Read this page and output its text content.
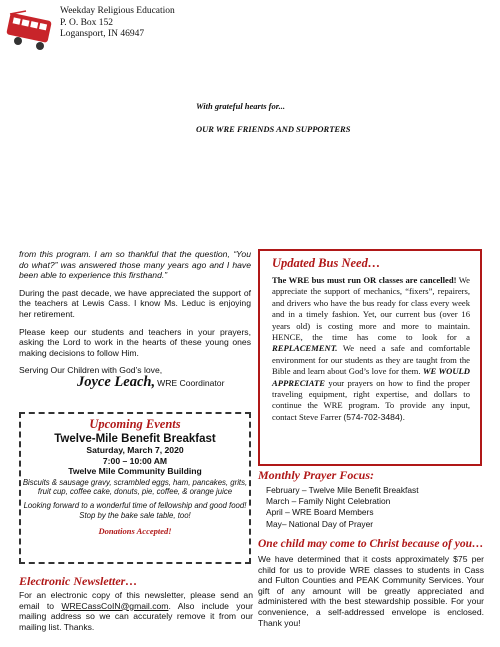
Weekday Religious Education
P. O. Box 152
Logansport, IN 46947
With grateful hearts for...
OUR WRE FRIENDS AND SUPPORTERS

from this program. I am so thankful that the question, “You do what?” was answered those many years ago and I have been able to experience this firsthand.”

During the past decade, we have appreciated the support of the teachers at Lewis Cass. I know Ms. Leduc is enjoying her retirement.

Please keep our students and teachers in your prayers, asking the Lord to work in the hearts of these young ones making decisions to follow Him.

Serving Our Children with God’s love,

Joyce Leach, WRE Coordinator
Upcoming Events
Twelve-Mile Benefit Breakfast
Saturday, March 7, 2020
7:00 – 10:00 AM
Twelve Mile Community Building
Biscuits & sausage gravy, scrambled eggs, ham, pancakes, grits, fruit cup, coffee cake, donuts, pie, coffee, & orange juice
Looking forward to a wonderful time of fellowship and good food! Stop by the bake sale table, too!
Donations Accepted!
Electronic Newsletter…
For an electronic copy of this newsletter, please send an email to WRECassCoIN@gmail.com. Also include your mailing address so we can accurately remove it from our mailing list. Thanks.
Updated Bus Need…
The WRE bus must run OR classes are cancelled! We appreciate the support of mechanics, “fixers”, repairers, and drivers who have the bus ready for class every week and in a timely fashion. Yet, our current bus (over 16 years old) is costing more and more to maintain. HENCE, the time has come to look for a REPLACEMENT. We need a safe and comfortable environment for our students as they are taught from the Bible and learn about God’s love for them. WE WOULD APPRECIATE your prayers on how to find the proper traveling equipment, right expertise, and dollars to continue the WRE program. To provide any input, contact Steve Farrer (574-702-3484).
Monthly Prayer Focus:
February – Twelve Mile Benefit Breakfast
March – Family Night Celebration
April – WRE Board Members
May– National Day of Prayer
One child may come to Christ because of you…
We have determined that it costs approximately $75 per child for us to provide WRE classes to students in Cass and Fulton Counties and PEAK Community Services. Your gift of any amount will be greatly appreciated and administered with the best stewardship possible. For your convenience, a self-addressed envelope is enclosed. Thank you!
